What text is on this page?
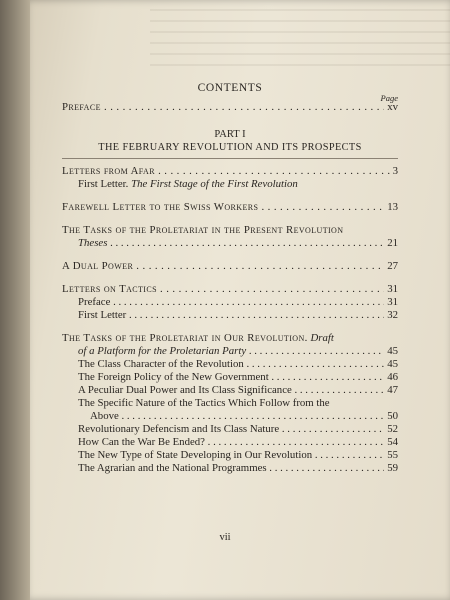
CONTENTS
Page
Preface . . .	xv
PART I
THE FEBRUARY REVOLUTION AND ITS PROSPECTS
Letters from Afar . . .	3
First Letter. The First Stage of the First Revolution
Farewell Letter to the Swiss Workers . . .	13
The Tasks of the Proletariat in the Present Revolution
Theses . . .	21
A Dual Power . . .	27
Letters on Tactics . . .	31
Preface . . .	31
First Letter . . .	32
The Tasks of the Proletariat in Our Revolution. Draft
of a Platform for the Proletarian Party . . .	45
The Class Character of the Revolution . . .	45
The Foreign Policy of the New Government . . .	46
A Peculiar Dual Power and Its Class Significance . . .	47
The Specific Nature of the Tactics Which Follow from the
Above . . .	50
Revolutionary Defencism and Its Class Nature . . .	52
How Can the War Be Ended? . . .	54
The New Type of State Developing in Our Revolution . . .	55
The Agrarian and the National Programmes . . .	59
vii
